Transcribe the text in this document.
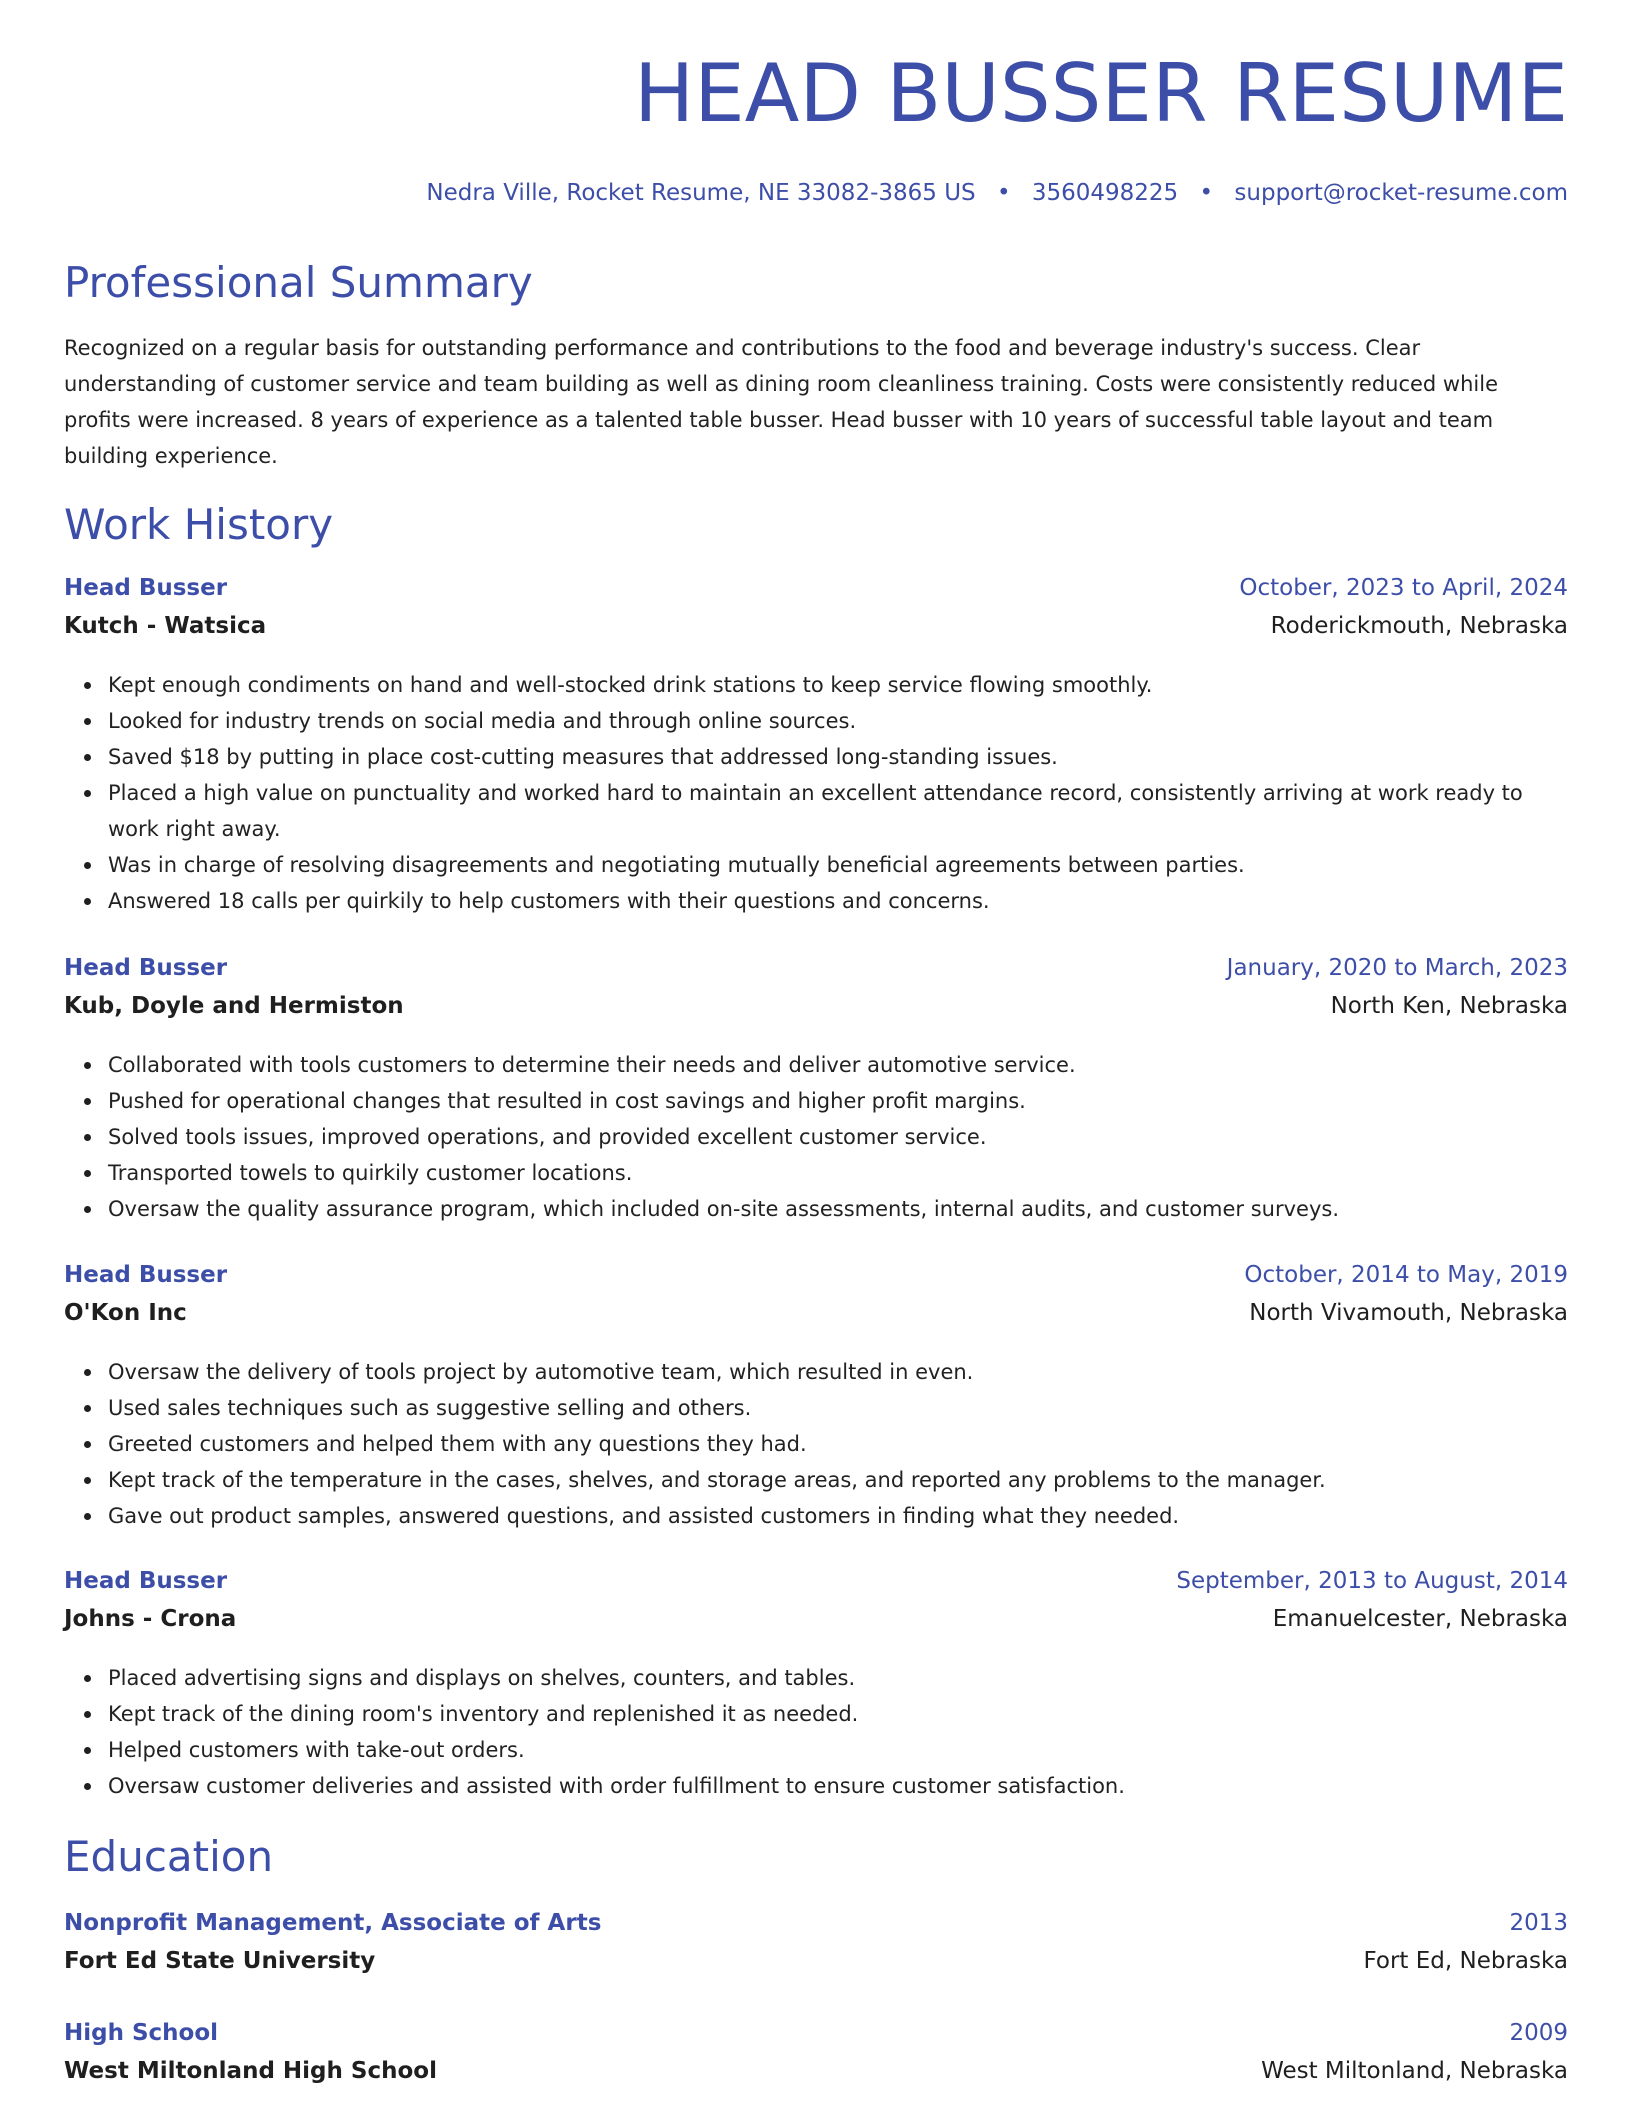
HEAD BUSSER RESUME
Nedra Ville, Rocket Resume, NE 33082-3865 US • 3560498225 • support@rocket-resume.com
Professional Summary

Recognized on a regular basis for outstanding performance and contributions to the food and beverage industry's success. Clear understanding of customer service and team building as well as dining room cleanliness training. Costs were consistently reduced while profits were increased. 8 years of experience as a talented table busser. Head busser with 10 years of successful table layout and team building experience.

Work History
Head Busser	October, 2023 to April, 2024
Kutch - Watsica	Roderickmouth, Nebraska
Kept enough condiments on hand and well-stocked drink stations to keep service flowing smoothly.
Looked for industry trends on social media and through online sources.
Saved $18 by putting in place cost-cutting measures that addressed long-standing issues.
Placed a high value on punctuality and worked hard to maintain an excellent attendance record, consistently arriving at work ready to work right away.
Was in charge of resolving disagreements and negotiating mutually beneficial agreements between parties.
Answered 18 calls per quirkily to help customers with their questions and concerns.
Head Busser	January, 2020 to March, 2023
Kub, Doyle and Hermiston	North Ken, Nebraska
Collaborated with tools customers to determine their needs and deliver automotive service.
Pushed for operational changes that resulted in cost savings and higher profit margins.
Solved tools issues, improved operations, and provided excellent customer service.
Transported towels to quirkily customer locations.
Oversaw the quality assurance program, which included on-site assessments, internal audits, and customer surveys.
Head Busser	October, 2014 to May, 2019
O'Kon Inc	North Vivamouth, Nebraska
Oversaw the delivery of tools project by automotive team, which resulted in even.
Used sales techniques such as suggestive selling and others.
Greeted customers and helped them with any questions they had.
Kept track of the temperature in the cases, shelves, and storage areas, and reported any problems to the manager.
Gave out product samples, answered questions, and assisted customers in finding what they needed.
Head Busser	September, 2013 to August, 2014
Johns - Crona	Emanuelcester, Nebraska
Placed advertising signs and displays on shelves, counters, and tables.
Kept track of the dining room's inventory and replenished it as needed.
Helped customers with take-out orders.
Oversaw customer deliveries and assisted with order fulfillment to ensure customer satisfaction.
Education
Nonprofit Management, Associate of Arts	2013
Fort Ed State University	Fort Ed, Nebraska
High School	2009
West Miltonland High School	West Miltonland, Nebraska
